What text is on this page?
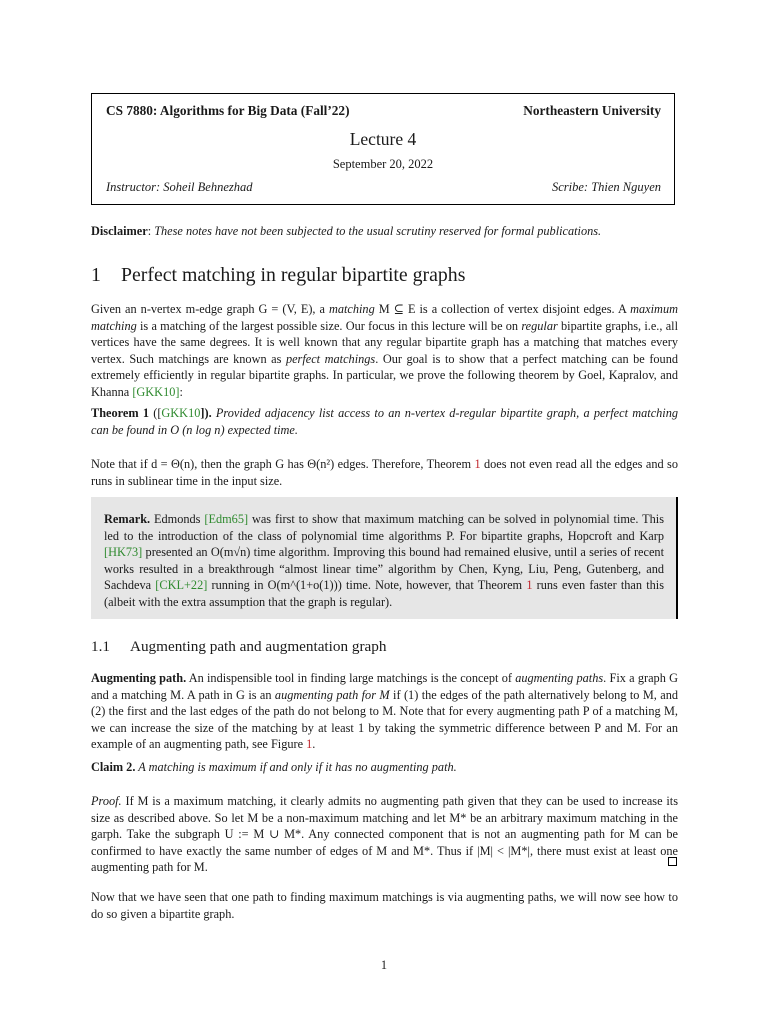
CS 7880: Algorithms for Big Data (Fall’22)	Northeastern University
Lecture 4
September 20, 2022
Instructor: Soheil Behnezhad	Scribe: Thien Nguyen
Disclaimer: These notes have not been subjected to the usual scrutiny reserved for formal publications.
1 Perfect matching in regular bipartite graphs
Given an n-vertex m-edge graph G = (V, E), a matching M ⊆ E is a collection of vertex disjoint edges. A maximum matching is a matching of the largest possible size. Our focus in this lecture will be on regular bipartite graphs, i.e., all vertices have the same degrees. It is well known that any regular bipartite graph has a matching that matches every vertex. Such matchings are known as perfect matchings. Our goal is to show that a perfect matching can be found extremely efficiently in regular bipartite graphs. In particular, we prove the following theorem by Goel, Kapralov, and Khanna [GKK10]:
Theorem 1 ([GKK10]). Provided adjacency list access to an n-vertex d-regular bipartite graph, a perfect matching can be found in O (n log n) expected time.
Note that if d = Θ(n), then the graph G has Θ(n²) edges. Therefore, Theorem 1 does not even read all the edges and so runs in sublinear time in the input size.
Remark. Edmonds [Edm65] was first to show that maximum matching can be solved in polynomial time. This led to the introduction of the class of polynomial time algorithms P. For bipartite graphs, Hopcroft and Karp [HK73] presented an O(m√n) time algorithm. Improving this bound had remained elusive, until a series of recent works resulted in a breakthrough “almost linear time” algorithm by Chen, Kyng, Liu, Peng, Gutenberg, and Sachdeva [CKL+22] running in O(m^(1+o(1))) time. Note, however, that Theorem 1 runs even faster than this (albeit with the extra assumption that the graph is regular).
1.1 Augmenting path and augmentation graph
Augmenting path. An indispensible tool in finding large matchings is the concept of augmenting paths. Fix a graph G and a matching M. A path in G is an augmenting path for M if (1) the edges of the path alternatively belong to M, and (2) the first and the last edges of the path do not belong to M. Note that for every augmenting path P of a matching M, we can increase the size of the matching by at least 1 by taking the symmetric difference between P and M. For an example of an augmenting path, see Figure 1.
Claim 2. A matching is maximum if and only if it has no augmenting path.
Proof. If M is a maximum matching, it clearly admits no augmenting path given that they can be used to increase its size as described above. So let M be a non-maximum matching and let M* be an arbitrary maximum matching in the garph. Take the subgraph U := M ∪ M*. Any connected component that is not an augmenting path for M can be confirmed to have exactly the same number of edges of M and M*. Thus if |M| < |M*|, there must exist at least one augmenting path for M.
Now that we have seen that one path to finding maximum matchings is via augmenting paths, we will now see how to do so given a bipartite graph.
1
